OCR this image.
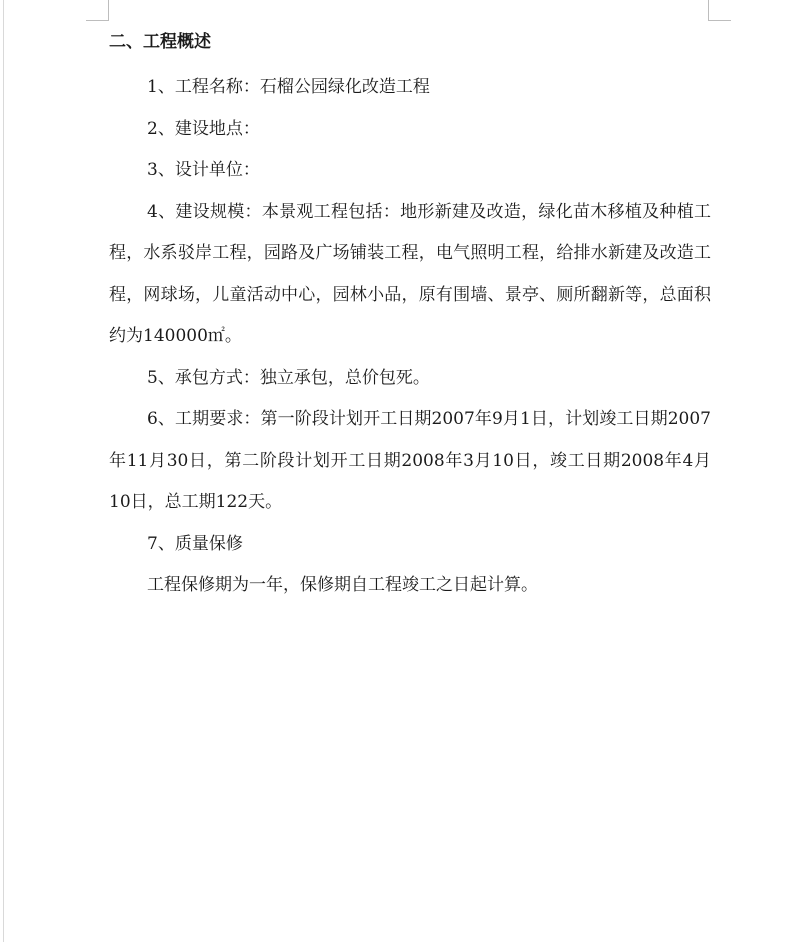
二、工程概述

1、工程名称：石榴公园绿化改造工程

2、建设地点：

3、设计单位：

4、建设规模：本景观工程包括：地形新建及改造，绿化苗木移植及种植工程，水系驳岸工程，园路及广场铺装工程，电气照明工程，给排水新建及改造工程，网球场，儿童活动中心，园林小品，原有围墙、景亭、厕所翻新等，总面积约为140000㎡。

5、承包方式：独立承包，总价包死。

6、工期要求：第一阶段计划开工日期2007年9月1日，计划竣工日期2007年11月30日，第二阶段计划开工日期2008年3月10日，竣工日期2008年4月10日，总工期122天。

7、质量保修

工程保修期为一年，保修期自工程竣工之日起计算。
